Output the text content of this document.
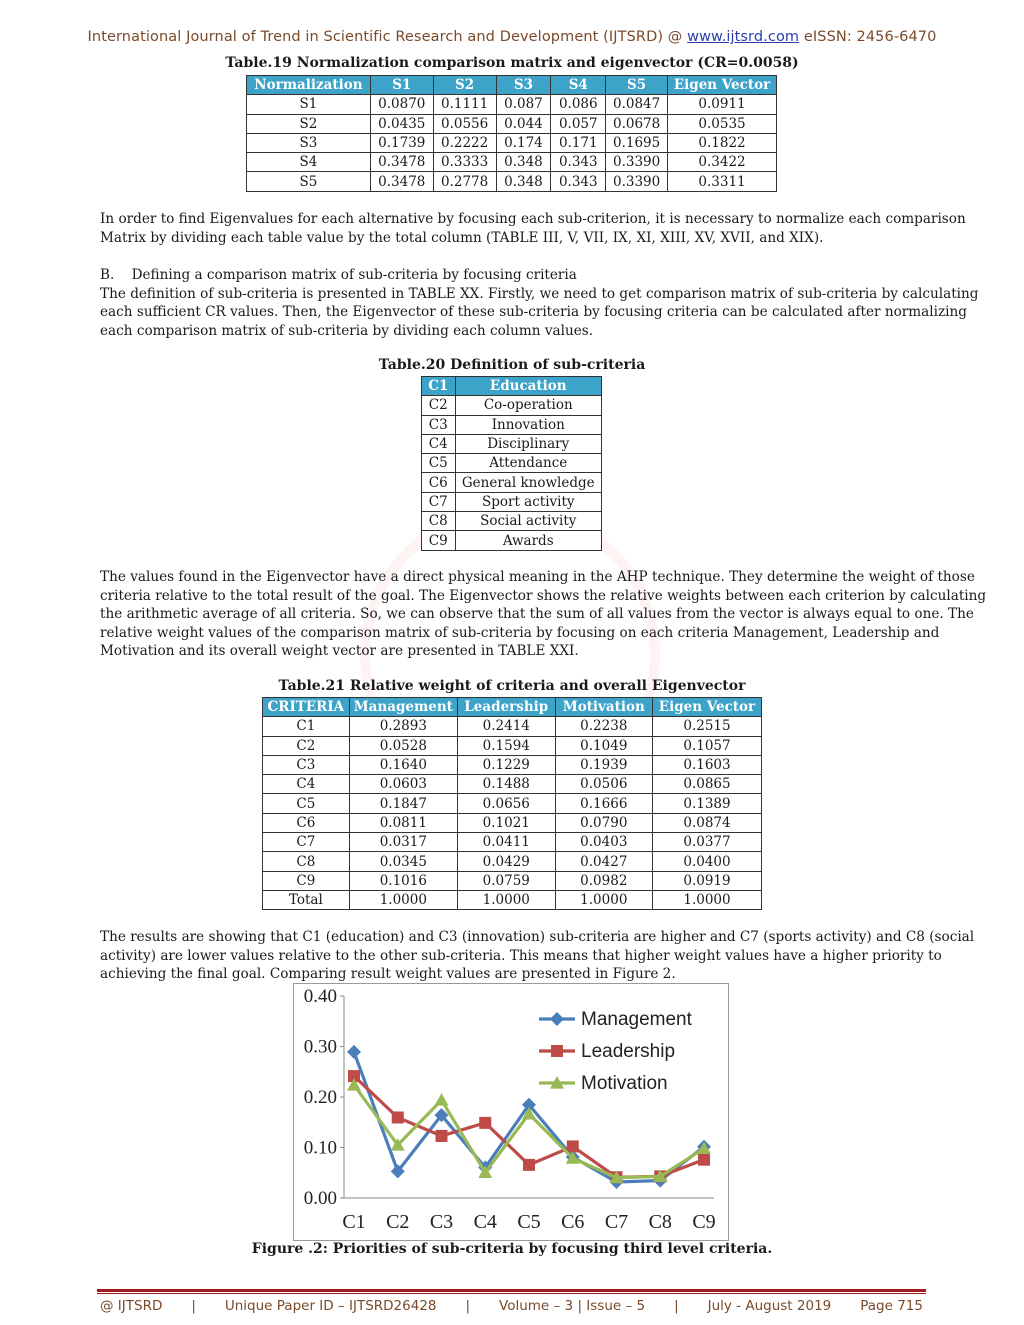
International Journal of Trend in Scientific Research and Development (IJTSRD) @ www.ijtsrd.com eISSN: 2456-6470
Table.19 Normalization comparison matrix and eigenvector (CR=0.0058)
Normalization	S1	S2	S3	S4	S5	Eigen Vector
S1	0.0870	0.1111	0.087	0.086	0.0847	0.0911
S2	0.0435	0.0556	0.044	0.057	0.0678	0.0535
S3	0.1739	0.2222	0.174	0.171	0.1695	0.1822
S4	0.3478	0.3333	0.348	0.343	0.3390	0.3422
S5	0.3478	0.2778	0.348	0.343	0.3390	0.3311
In order to find Eigenvalues for each alternative by focusing each sub-criterion, it is necessary to normalize each comparison
Matrix by dividing each table value by the total column (TABLE III, V, VII, IX, XI, XIII, XV, XVII, and XIX).
B.    Defining a comparison matrix of sub-criteria by focusing criteria
The definition of sub-criteria is presented in TABLE XX. Firstly, we need to get comparison matrix of sub-criteria by calculating
each sufficient CR values. Then, the Eigenvector of these sub-criteria by focusing criteria can be calculated after normalizing
each comparison matrix of sub-criteria by dividing each column values.
Table.20 Definition of sub-criteria
C1	Education
C2	Co-operation
C3	Innovation
C4	Disciplinary
C5	Attendance
C6	General knowledge
C7	Sport activity
C8	Social activity
C9	Awards
The values found in the Eigenvector have a direct physical meaning in the AHP technique. They determine the weight of those
criteria relative to the total result of the goal. The Eigenvector shows the relative weights between each criterion by calculating
the arithmetic average of all criteria. So, we can observe that the sum of all values from the vector is always equal to one. The
relative weight values of the comparison matrix of sub-criteria by focusing on each criteria Management, Leadership and
Motivation and its overall weight vector are presented in TABLE XXI.
Table.21 Relative weight of criteria and overall Eigenvector
CRITERIA	Management	Leadership	Motivation	Eigen Vector
C1	0.2893	0.2414	0.2238	0.2515
C2	0.0528	0.1594	0.1049	0.1057
C3	0.1640	0.1229	0.1939	0.1603
C4	0.0603	0.1488	0.0506	0.0865
C5	0.1847	0.0656	0.1666	0.1389
C6	0.0811	0.1021	0.0790	0.0874
C7	0.0317	0.0411	0.0403	0.0377
C8	0.0345	0.0429	0.0427	0.0400
C9	0.1016	0.0759	0.0982	0.0919
Total	1.0000	1.0000	1.0000	1.0000
The results are showing that C1 (education) and C3 (innovation) sub-criteria are higher and C7 (sports activity) and C8 (social
activity) are lower values relative to the other sub-criteria. This means that higher weight values have a higher priority to
achieving the final goal. Comparing result weight values are presented in Figure 2.
0.00
0.10
0.20
0.30
0.40
C1 C2 C3 C4 C5 C6 C7 C8 C9
Management
Leadership
Motivation
Figure .2: Priorities of sub-criteria by focusing third level criteria.
@ IJTSRD | Unique Paper ID – IJTSRD26428 | Volume – 3 | Issue – 5 | July - August 2019 Page 715
